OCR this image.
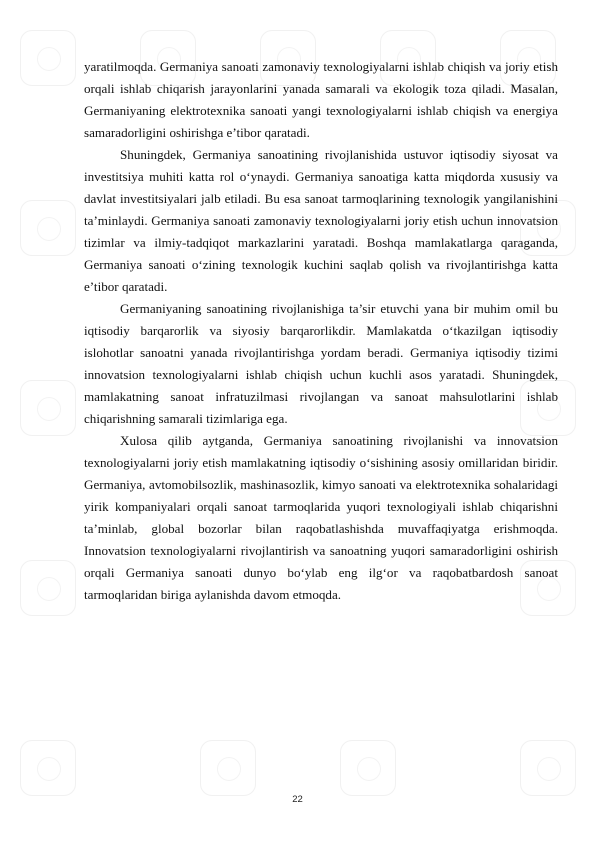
yaratilmoqda. Germaniya sanoati zamonaviy texnologiyalarni ishlab chiqish va joriy etish orqali ishlab chiqarish jarayonlarini yanada samarali va ekologik toza qiladi. Masalan, Germaniyaning elektrotexnika sanoati yangi texnologiyalarni ishlab chiqish va energiya samaradorligini oshirishga e’tibor qaratadi.

Shuningdek, Germaniya sanoatining rivojlanishida ustuvor iqtisodiy siyosat va investitsiya muhiti katta rol o‘ynaydi. Germaniya sanoatiga katta miqdorda xususiy va davlat investitsiyalari jalb etiladi. Bu esa sanoat tarmoqlarining texnologik yangilanishini ta’minlaydi. Germaniya sanoati zamonaviy texnologiyalarni joriy etish uchun innovatsion tizimlar va ilmiy-tadqiqot markazlarini yaratadi. Boshqa mamlakatlarga qaraganda, Germaniya sanoati o‘zining texnologik kuchini saqlab qolish va rivojlantirishga katta e’tibor qaratadi.

Germaniyaning sanoatining rivojlanishiga ta’sir etuvchi yana bir muhim omil bu iqtisodiy barqarorlik va siyosiy barqarorlikdir. Mamlakatda o‘tkazilgan iqtisodiy islohotlar sanoatni yanada rivojlantirishga yordam beradi. Germaniya iqtisodiy tizimi innovatsion texnologiyalarni ishlab chiqish uchun kuchli asos yaratadi. Shuningdek, mamlakatning sanoat infratuzilmasi rivojlangan va sanoat mahsulotlarini ishlab chiqarishning samarali tizimlariga ega.

Xulosa qilib aytganda, Germaniya sanoatining rivojlanishi va innovatsion texnologiyalarni joriy etish mamlakatning iqtisodiy o‘sishining asosiy omillaridan biridir. Germaniya, avtomobilsozlik, mashinasozlik, kimyo sanoati va elektrotexnika sohalaridagi yirik kompaniyalari orqali sanoat tarmoqlarida yuqori texnologiyali ishlab chiqarishni ta’minlab, global bozorlar bilan raqobatlashishda muvaffaqiyatga erishmoqda. Innovatsion texnologiyalarni rivojlantirish va sanoatning yuqori samaradorligini oshirish orqali Germaniya sanoati dunyo bo‘ylab eng ilg‘or va raqobatbardosh sanoat tarmoqlaridan biriga aylanishda davom etmoqda.

22
